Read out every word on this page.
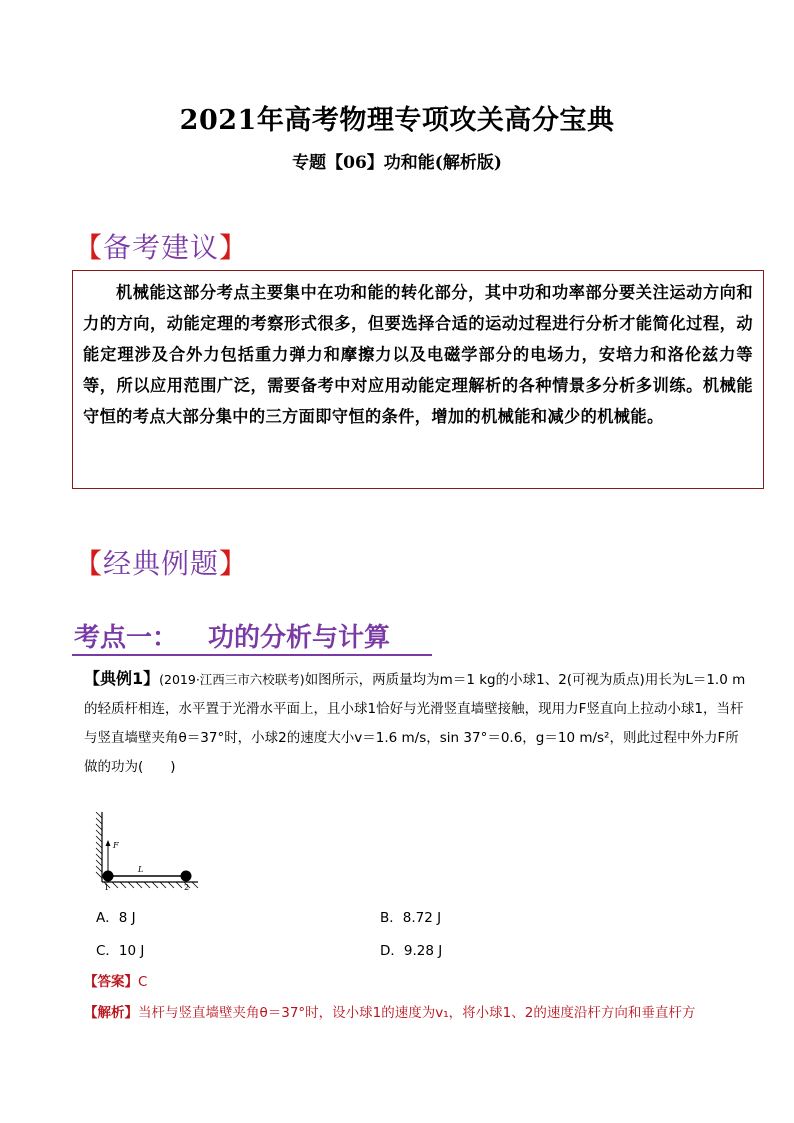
2021年高考物理专项攻关高分宝典
专题【06】功和能(解析版)
【备考建议】

机械能这部分考点主要集中在功和能的转化部分，其中功和功率部分要关注运动方向和力的方向，动能定理的考察形式很多，但要选择合适的运动过程进行分析才能简化过程，动能定理涉及合外力包括重力弹力和摩擦力以及电磁学部分的电场力，安培力和洛伦兹力等等，所以应用范围广泛，需要备考中对应用动能定理解析的各种情景多分析多训练。机械能守恒的考点大部分集中的三方面即守恒的条件，增加的机械能和减少的机械能。

【经典例题】
考点一： 功的分析与计算

【典例1】(2019·江西三市六校联考)如图所示，两质量均为m＝1 kg的小球1、2(可视为质点)用长为L＝1.0 m的轻质杆相连，水平置于光滑水平面上，且小球1恰好与光滑竖直墙壁接触，现用力F竖直向上拉动小球1，当杆与竖直墙壁夹角θ＝37°时，小球2的速度大小v＝1.6 m/s，sin 37°＝0.6，g＝10 m/s²，则此过程中外力F所做的功为(　　)

F
L
1	2
A．8 J	B．8.72 J
C．10 J	D．9.28 J
【答案】C
【解析】当杆与竖直墙壁夹角θ＝37°时，设小球1的速度为v₁，将小球1、2的速度沿杆方向和垂直杆方
